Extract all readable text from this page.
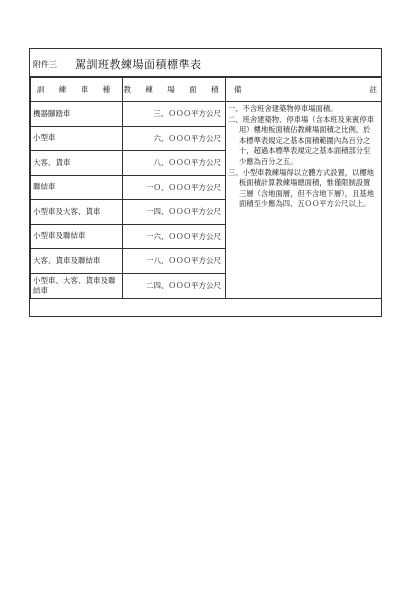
附件三 駕訓班教練場面積標準表
訓 練 車 種	教 練 場 面 積	備 註

機器腳踏車	三、ＯＯＯ平方公尺	一、不含班舍建築物停車場面積。
二、班舍建築物、停車場（含本班及來賓停車用）樓地板面積佔教練場面積之比例，於本標準表規定之基本面積範圍內為百分之十，超過本標準表規定之基本面積部分至少應為百分之五。
三、小型車教練場得以立體方式設置，以樓地板面積計算教練場總面積，惟僅限制設置三層（含地面層，但不含地下層），且基地面積至少應為四、五ＯＯ平方公尺以上。

小型車	六、ＯＯＯ平方公尺	
大客、貨車	八、ＯＯＯ平方公尺	
聯結車	一Ｏ、ＯＯＯ平方公尺	
小型車及大客、貨車	一四、ＯＯＯ平方公尺	
小型車及聯結車	一六、ＯＯＯ平方公尺	
大客、貨車及聯結車	一八、ＯＯＯ平方公尺	
小型車、大客、貨車及聯結車	二四、ＯＯＯ平方公尺	
